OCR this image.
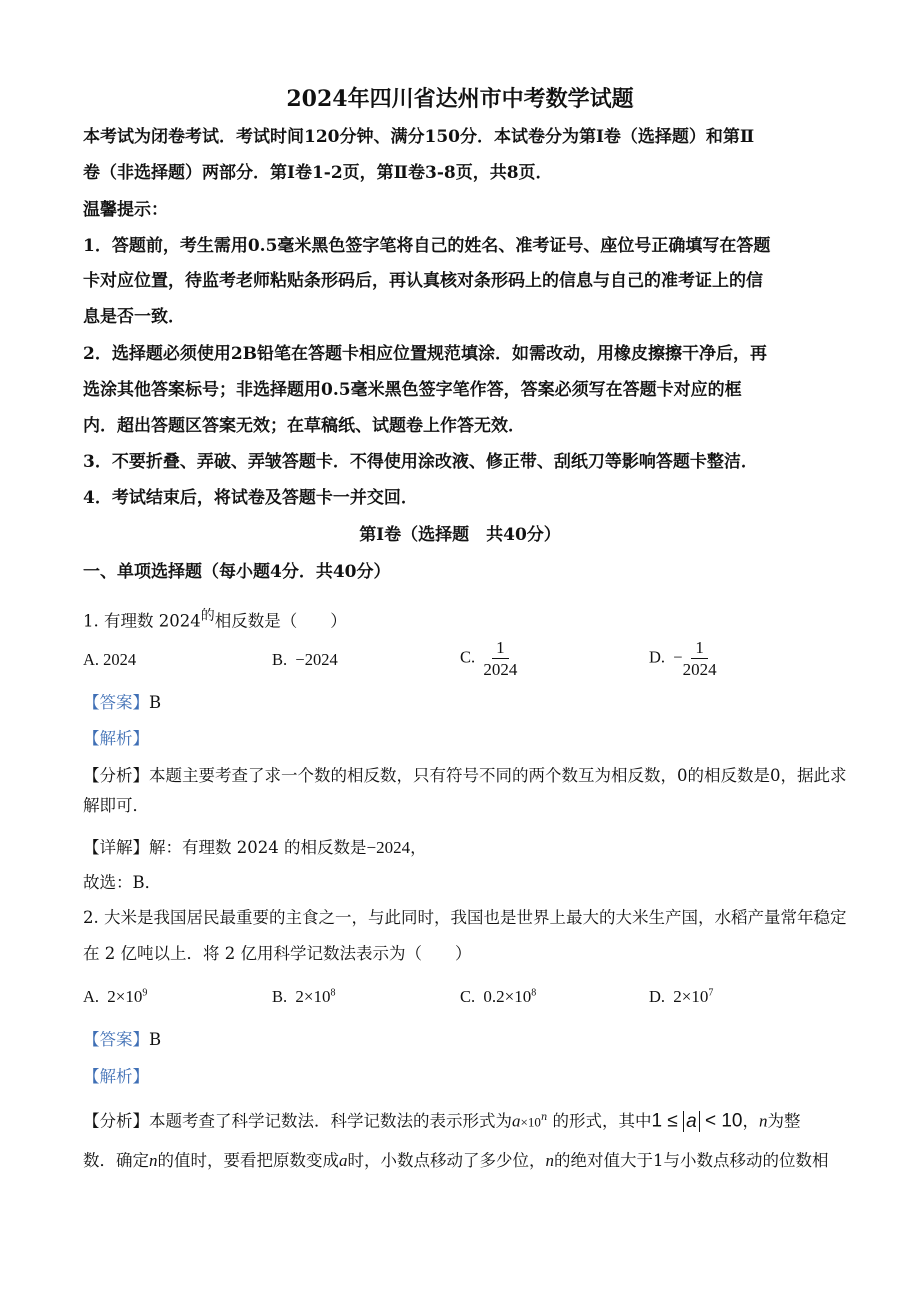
2024年四川省达州市中考数学试题
本考试为闭卷考试．考试时间120分钟、满分150分．本试卷分为第Ⅰ卷（选择题）和第Ⅱ
卷（非选择题）两部分．第Ⅰ卷1-2页，第Ⅱ卷3-8页，共8页．
温馨提示：
1．答题前，考生需用0.5毫米黑色签字笔将自己的姓名、准考证号、座位号正确填写在答题
卡对应位置，待监考老师粘贴条形码后，再认真核对条形码上的信息与自己的准考证上的信
息是否一致．
2．选择题必须使用2B铅笔在答题卡相应位置规范填涂．如需改动，用橡皮擦擦干净后，再
选涂其他答案标号；非选择题用0.5毫米黑色签字笔作答，答案必须写在答题卡对应的框
内．超出答题区答案无效；在草稿纸、试题卷上作答无效．
3．不要折叠、弄破、弄皱答题卡．不得使用涂改液、修正带、刮纸刀等影响答题卡整洁．
4．考试结束后，将试卷及答题卡一并交回．
第Ⅰ卷（选择题　共40分）
一、单项选择题（每小题4分．共40分）
1. 有理数 $2024^的$相反数是（　　）
A. 2024	B. −2024	C. $\frac{1}{2024}$	D. − $\frac{1}{2024}$
【答案】B
【解析】
【分析】本题主要考查了求一个数的相反数，只有符号不同的两个数互为相反数，0的相反数是0，据此求
解即可．
【详解】解：有理数 2024 的相反数是−2024，
故选：B．
2. 大米是我国居民最重要的主食之一，与此同时，我国也是世界上最大的大米生产国，水稻产量常年稳定
在 2 亿吨以上．将 2 亿用科学记数法表示为（　　）
A. $2\times 10^9$	B. $2\times 10^8$	C. $0.2\times 10^8$	D. $2\times 10^7$
【答案】B
【解析】
【分析】本题考查了科学记数法．科学记数法的表示形式为$a\times 10^n$ 的形式，其中1 ≤ a < 10，n为整
数．确定n的值时，要看把原数变成a时，小数点移动了多少位，n的绝对值大于1与小数点移动的位数相
